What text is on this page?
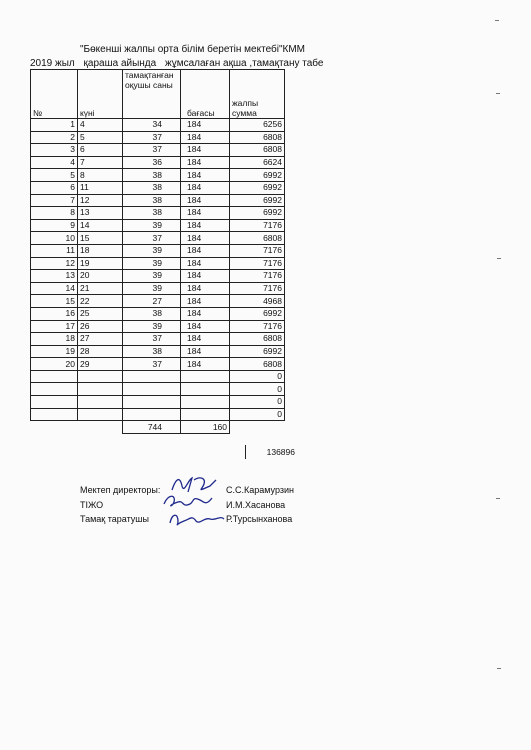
"Бөкенші жалпы орта білім беретін мектебі"КММ
2019 жыл қараша айында жұмсалаған ақша ,тамақтану табе
№	күні	тамақтанған оқушы саны	бағасы	жалпы сумма
1	4	34	184	6256
2	5	37	184	6808
3	6	37	184	6808
4	7	36	184	6624
5	8	38	184	6992
6	11	38	184	6992
7	12	38	184	6992
8	13	38	184	6992
9	14	39	184	7176
10	15	37	184	6808
11	18	39	184	7176
12	19	39	184	7176
13	20	39	184	7176
14	21	39	184	7176
15	22	27	184	4968
16	25	38	184	6992
17	26	39	184	7176
18	27	37	184	6808
19	28	38	184	6992
20	29	37	184	6808
				0
				0
				0
				0
		744	160	
136896
Мектеп директоры:	С.С.Карамурзин
ТІЖО	И.М.Хасанова
Тамақ таратушы	Р.Турсынханова
